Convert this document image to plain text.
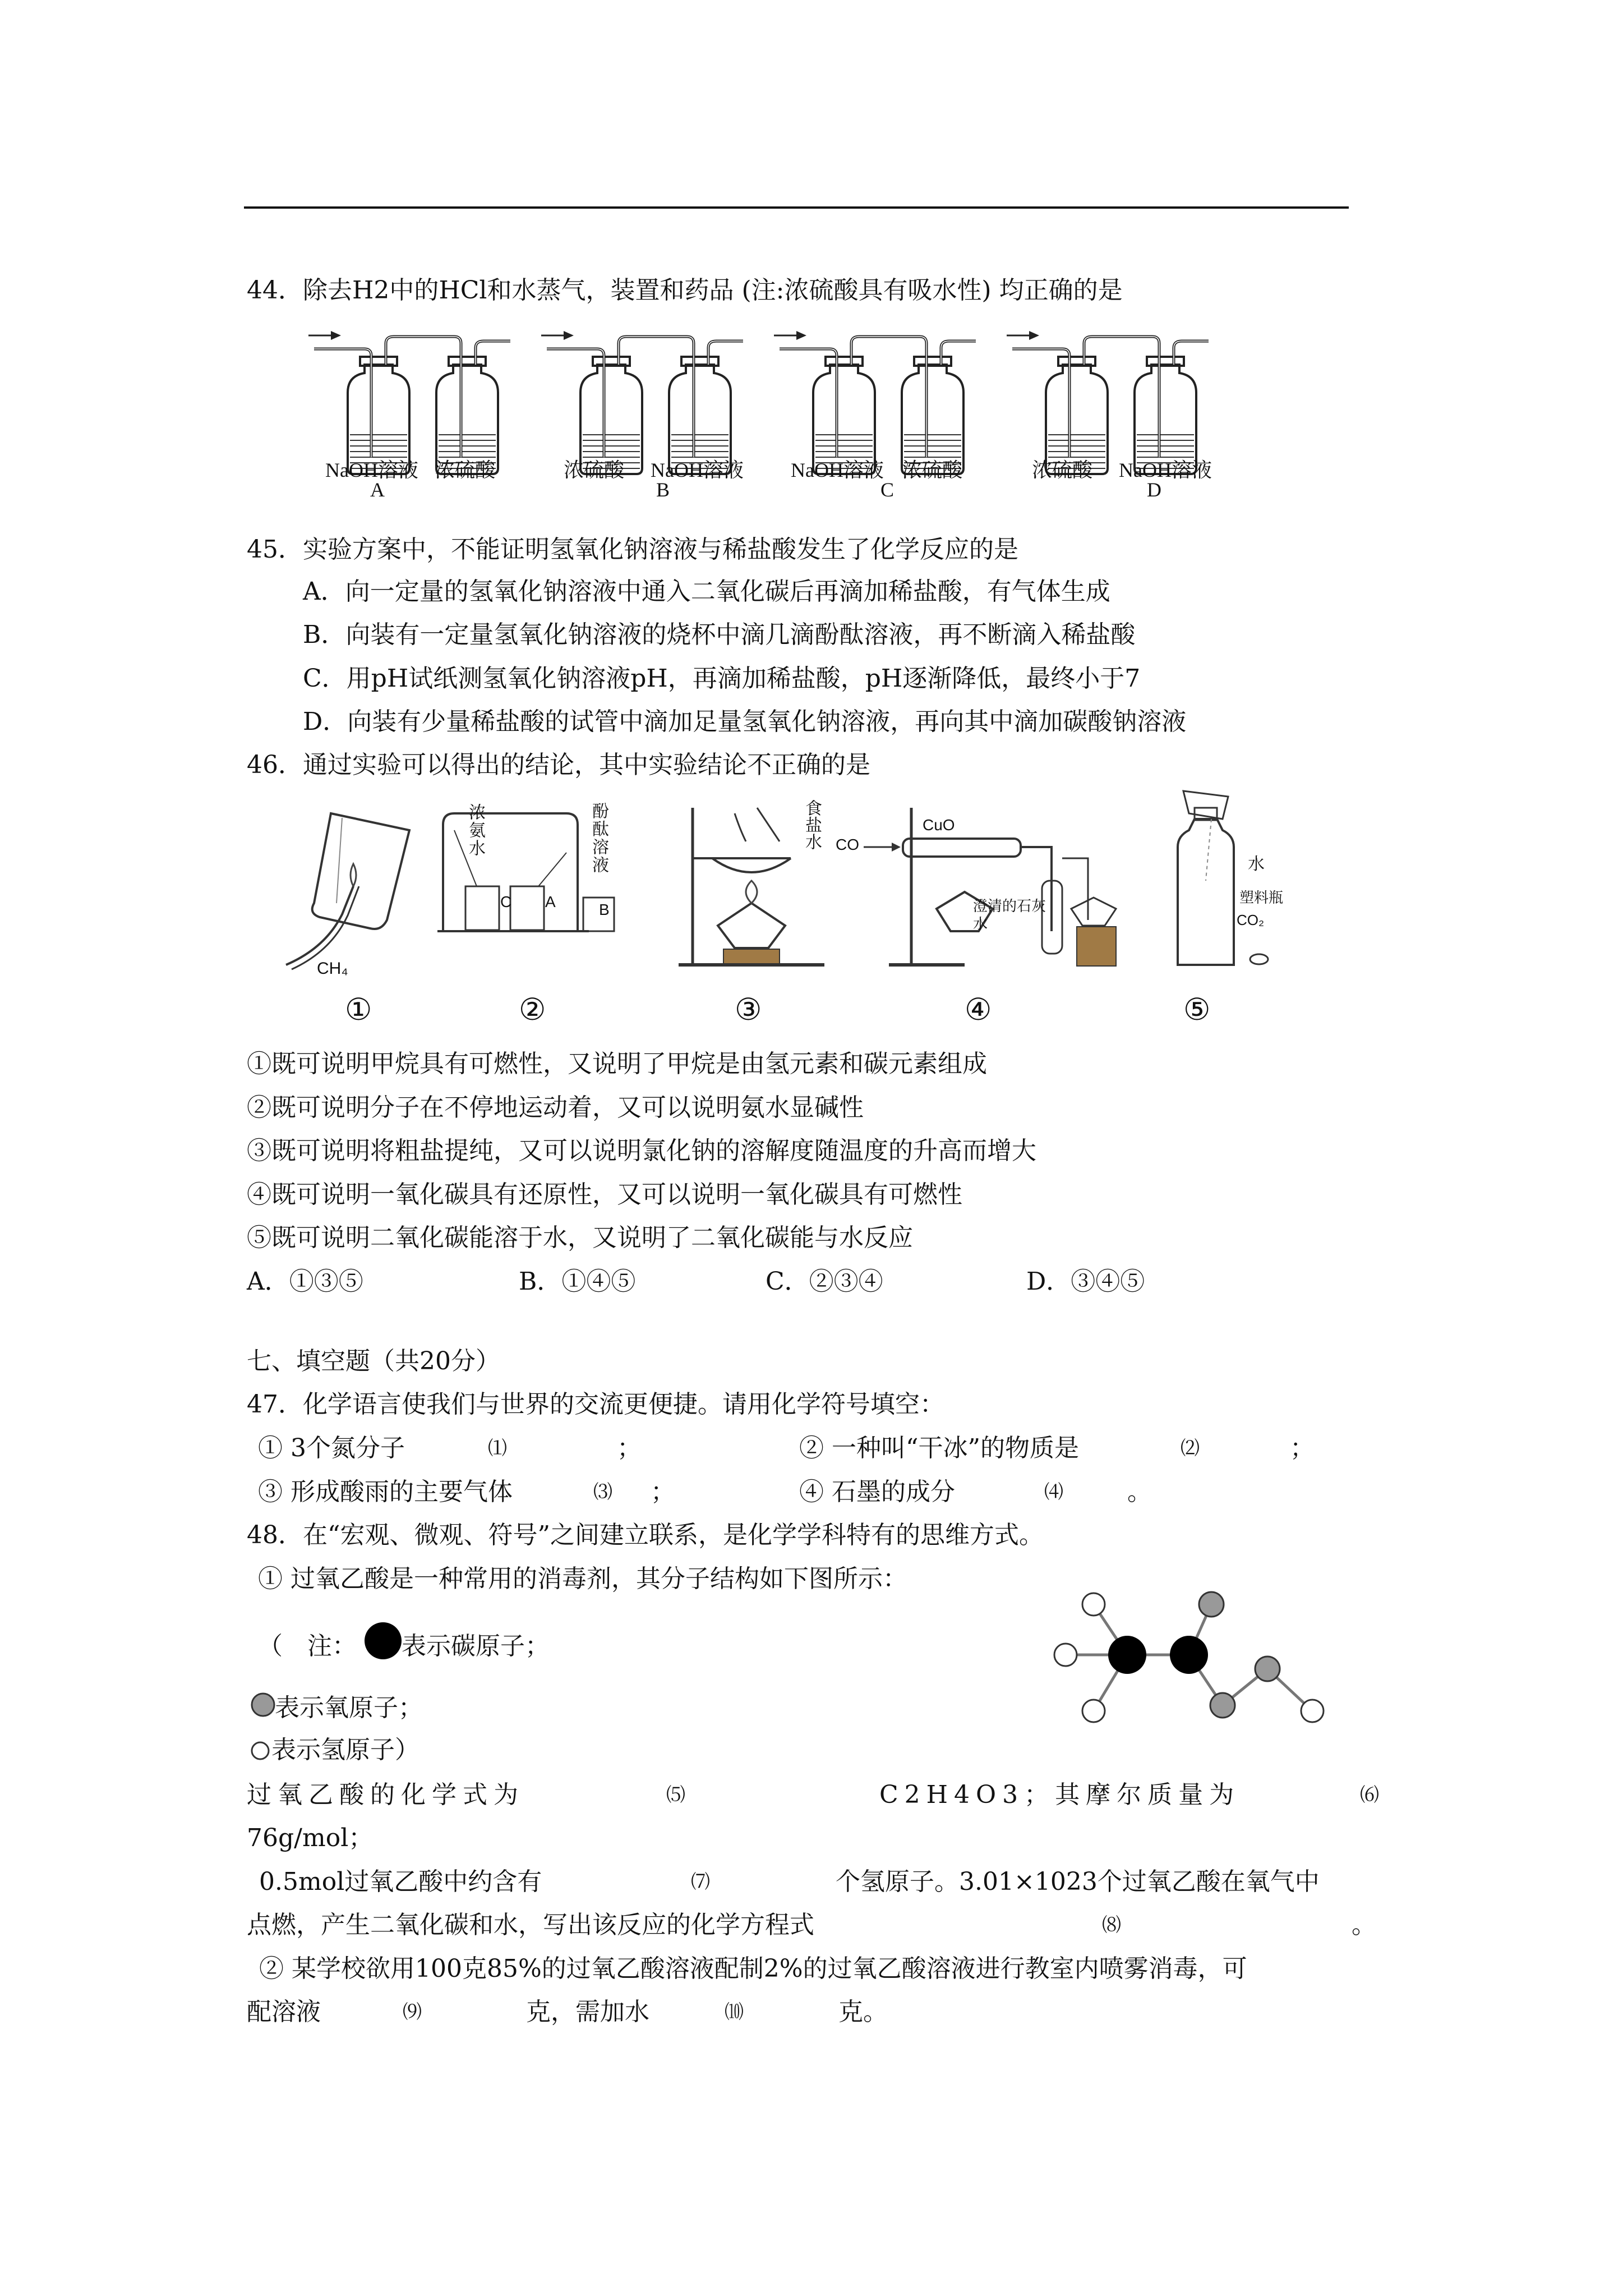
44．除去H2中的HCl和水蒸气，装置和药品 (注:浓硫酸具有吸水性) 均正确的是
NaOH溶液 浓硫酸
A
浓硫酸 NaOH溶液
B
NaOH溶液 浓硫酸
C
浓硫酸 NaOH溶液
D
45．实验方案中，不能证明氢氧化钠溶液与稀盐酸发生了化学反应的是
A．向一定量的氢氧化钠溶液中通入二氧化碳后再滴加稀盐酸，有气体生成
B．向装有一定量氢氧化钠溶液的烧杯中滴几滴酚酞溶液，再不断滴入稀盐酸
C．用pH试纸测氢氧化钠溶液pH，再滴加稀盐酸，pH逐渐降低，最终小于7
D．向装有少量稀盐酸的试管中滴加足量氢氧化钠溶液，再向其中滴加碳酸钠溶液
46．通过实验可以得出的结论，其中实验结论不正确的是
CH₄
浓氨水	酚酞溶液
C A	B
食盐水 CO
CuO
澄清的石灰水
水
塑料瓶
CO₂
①	②	③	④	⑤
①既可说明甲烷具有可燃性，又说明了甲烷是由氢元素和碳元素组成
②既可说明分子在不停地运动着，又可以说明氨水显碱性
③既可说明将粗盐提纯，又可以说明氯化钠的溶解度随温度的升高而增大
④既可说明一氧化碳具有还原性，又可以说明一氧化碳具有可燃性
⑤既可说明二氧化碳能溶于水，又说明了二氧化碳能与水反应
A．①③⑤	B．①④⑤	C．②③④	D．③④⑤
七、填空题（共20分）
47．化学语言使我们与世界的交流更便捷。请用化学符号填空：
① 3个氮分子	⑴	；	② 一种叫“干冰”的物质是	⑵	；
③ 形成酸雨的主要气体	⑶ ；	④ 石墨的成分	⑷	。
48．在“宏观、微观、符号”之间建立联系，是化学学科特有的思维方式。
① 过氧乙酸是一种常用的消毒剂，其分子结构如下图所示：
（　注： 表示碳原子；
表示氧原子；
表示氢原子）
过氧乙酸的化学式为	⑸	C2H4O3；其摩尔质量为	⑹
76g/mol；
0.5mol过氧乙酸中约含有	⑺	个氢原子。3.01×1023个过氧乙酸在氧气中
点燃，产生二氧化碳和水，写出该反应的化学方程式	⑻	。
② 某学校欲用100克85%的过氧乙酸溶液配制2%的过氧乙酸溶液进行教室内喷雾消毒，可
配溶液	⑼	克，需加水	⑽	克。
